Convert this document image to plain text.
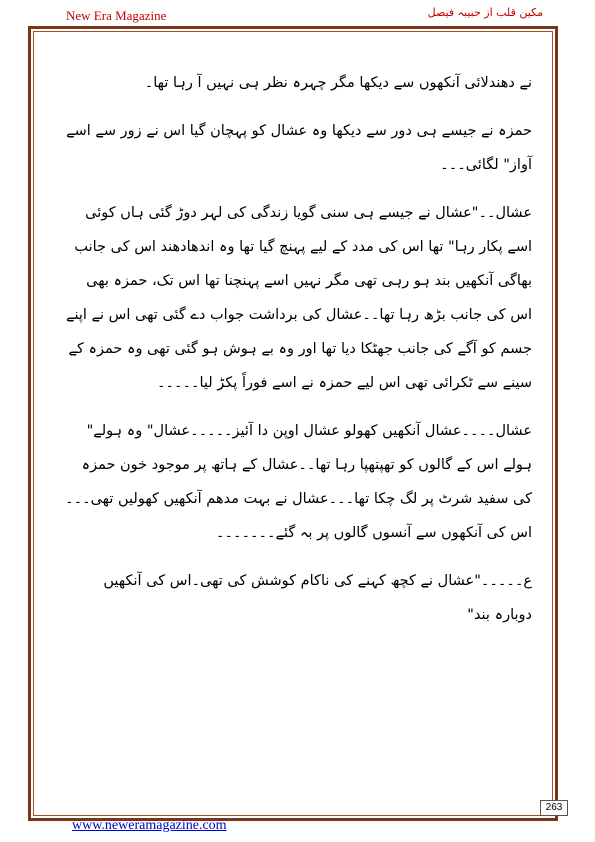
New Era Magazine	مکین قلب از حبیبہ فیصل

نے دھندلائی آنکھوں سے دیکھا مگر چہرہ نظر ہی نہیں آ رہا تھا۔

حمزہ نے جیسے ہی دور سے دیکھا وہ عشال کو پہچان گیا اس نے زور سے اسے آواز" لگائی۔۔۔

عشال۔۔"عشال نے جیسے ہی سنی گویا زندگی کی لہر دوڑ گئی ہاں کوئی اسے پکار رہا" تھا اس کی مدد کے لیے پہنچ گیا تھا وہ اندھادھند اس کی جانب بھاگی آنکھیں بند ہو رہی تھی مگر نہیں اسے پہنچنا تھا اس تک، حمزہ بھی اس کی جانب بڑھ رہا تھا۔۔عشال کی برداشت جواب دے گئی تھی اس نے اپنے جسم کو آگے کی جانب جھٹکا دیا تھا اور وہ بے ہوش ہو گئی تھی وہ حمزہ کے سینے سے ٹکرائی تھی اس لیے حمزہ نے اسے فوراً پکڑ لیا۔۔۔۔۔

عشال۔۔۔۔عشال آنکھیں کھولو عشال اوپن دا آئیز۔۔۔۔۔عشال" وہ ہولے" ہولے اس کے گالوں کو تھپتھپا رہا تھا۔۔عشال کے ہاتھ پر موجود خون حمزہ کی سفید شرٹ پر لگ چکا تھا۔۔۔عشال نے بہت مدھم آنکھیں کھولیں تھی۔۔۔اس کی آنکھوں سے آنسوں گالوں پر بہ گئے۔۔۔۔۔۔۔

ع۔۔۔۔۔"عشال نے کچھ کہنے کی ناکام کوشش کی تھی۔اس کی آنکھیں دوبارہ بند"

263
www.neweramagazine.com
